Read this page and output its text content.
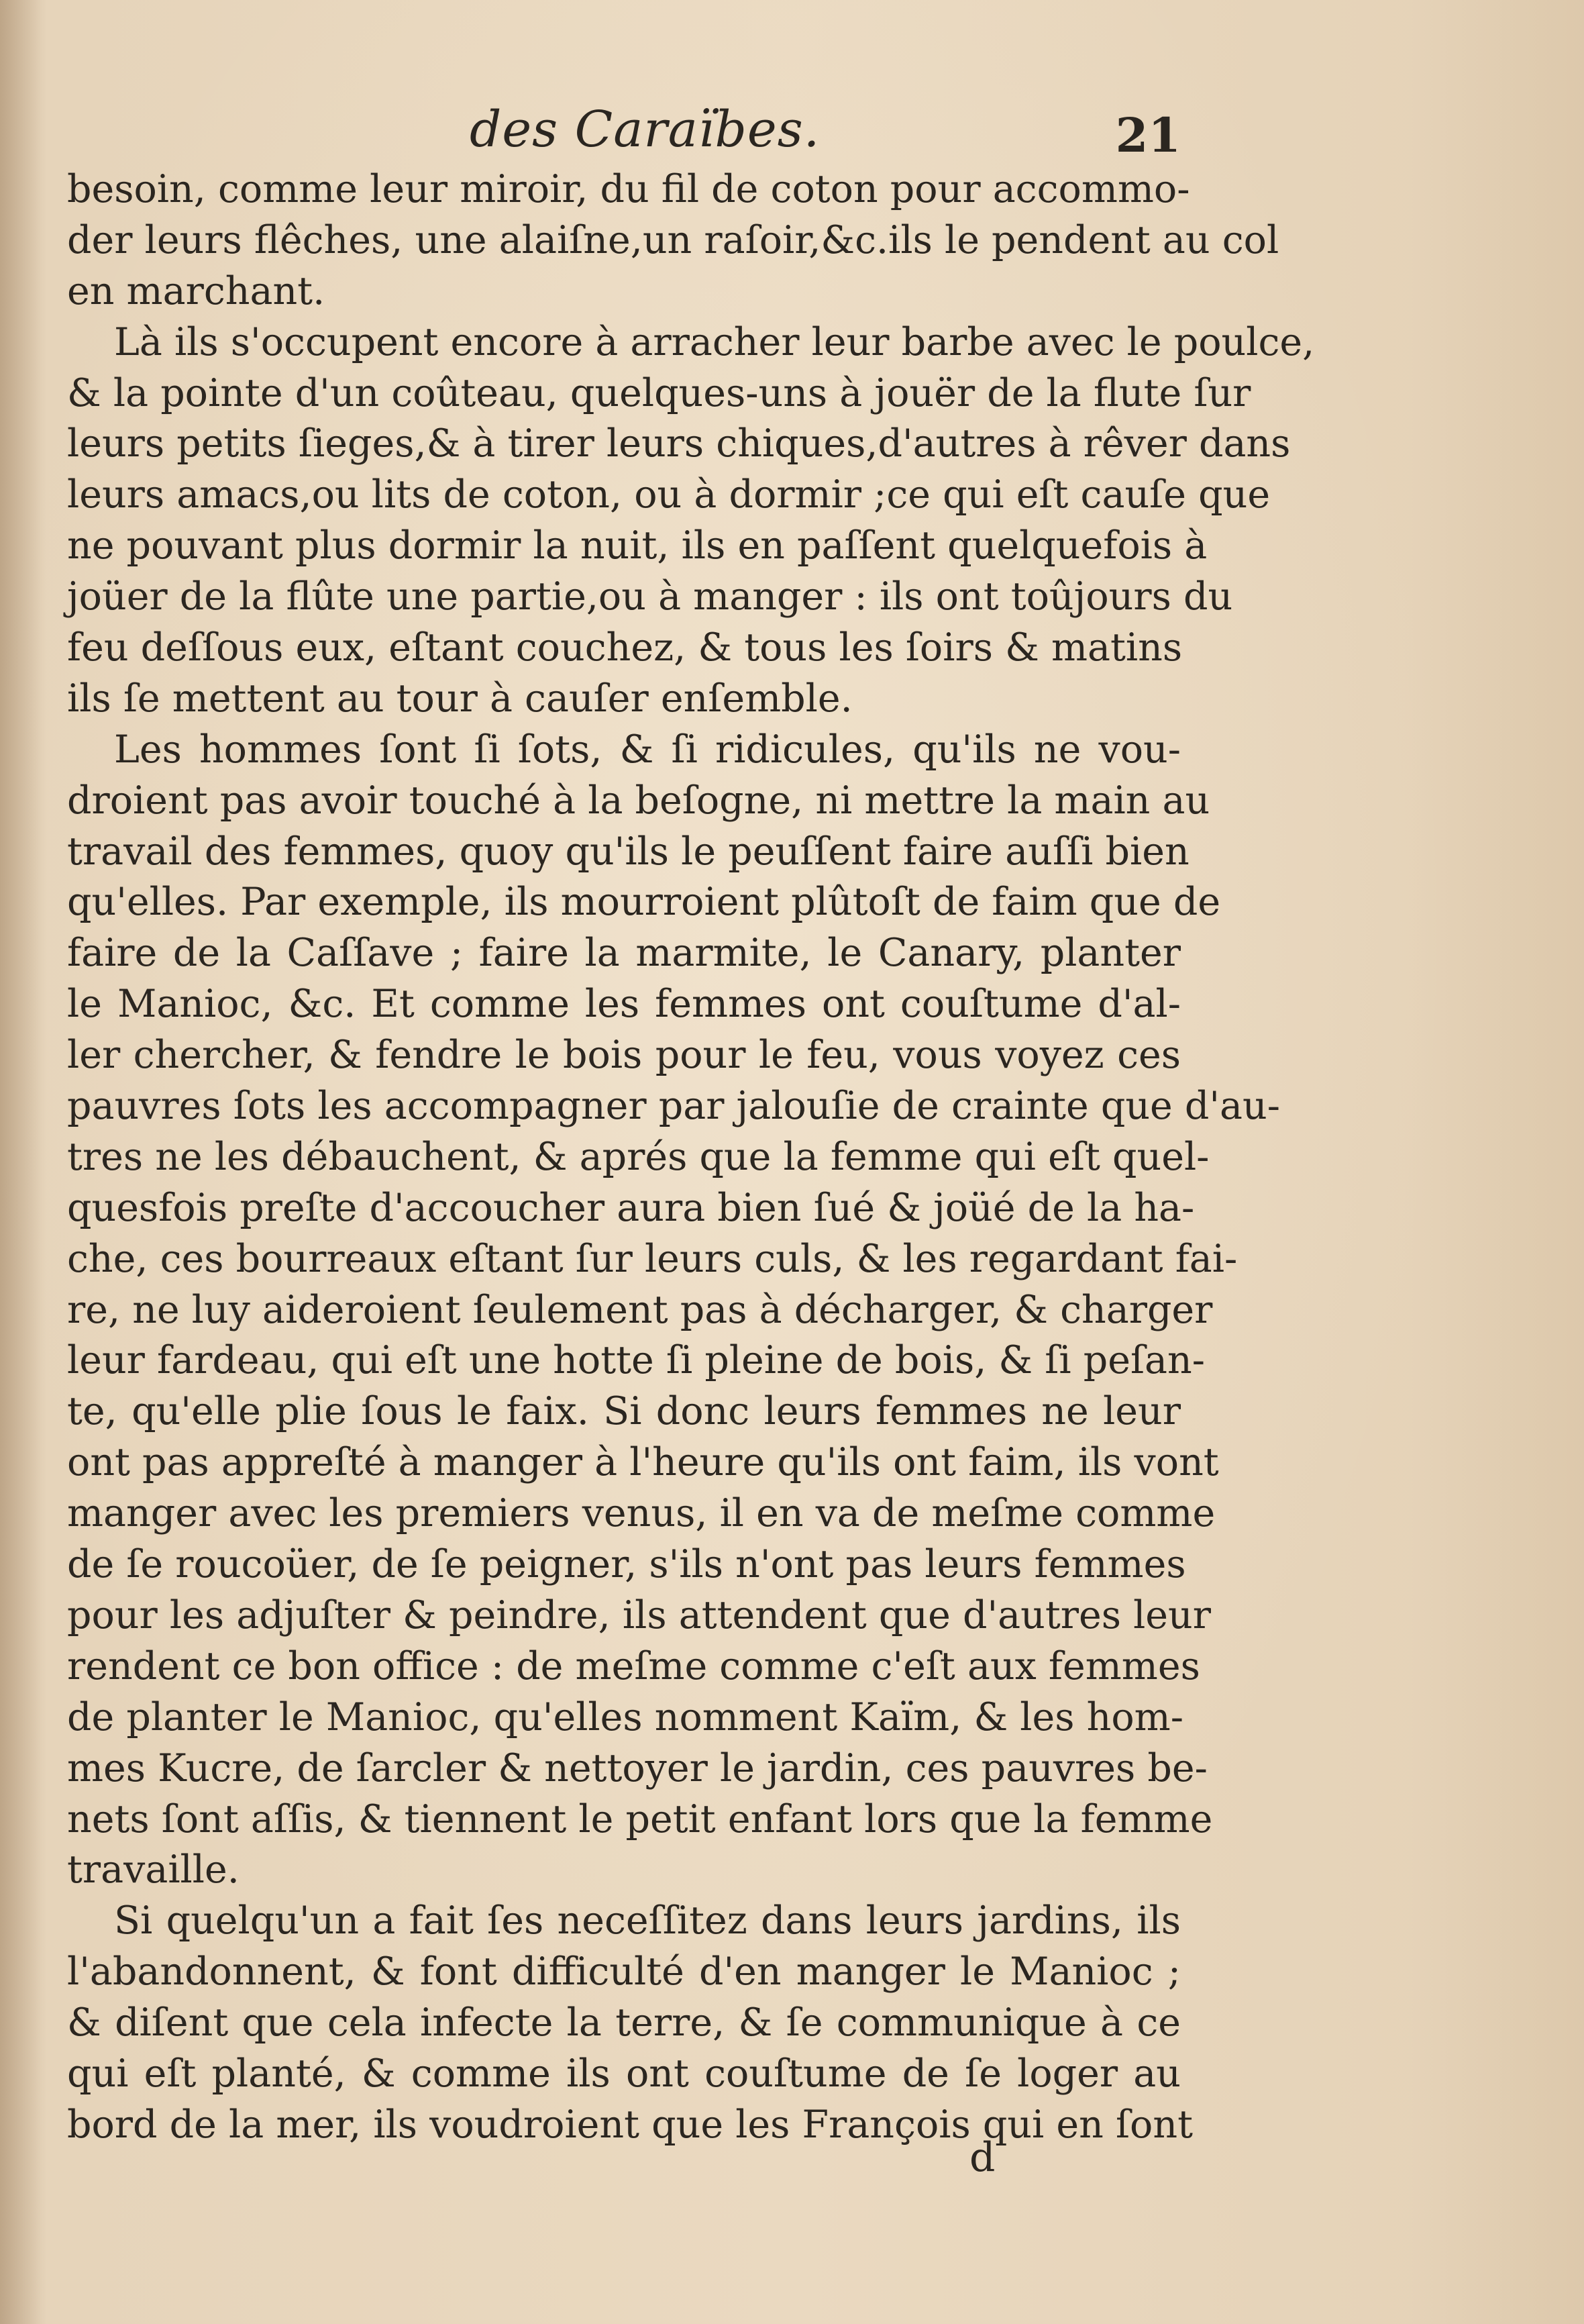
des Caraïbes.	21
besoin, comme leur miroir, du fil de coton pour accommo-
der leurs flêches, une alaiſne,un raſoir,&c.ils le pendent au col
en marchant.
Là ils s'occupent encore à arracher leur barbe avec le poulce,
& la pointe d'un coûteau, quelques-uns à jouër de la flute ſur
leurs petits ſieges,& à tirer leurs chiques,d'autres à rêver dans
leurs amacs,ou lits de coton, ou à dormir ;ce qui eſt cauſe que
ne pouvant plus dormir la nuit, ils en paſſent quelquefois à
joüer de la flûte une partie,ou à manger : ils ont toûjours du
feu deſſous eux, eſtant couchez, & tous les ſoirs & matins
ils ſe mettent au tour à cauſer enſemble.
Les hommes ſont ſi ſots, & ſi ridicules, qu'ils ne vou-
droient pas avoir touché à la beſogne, ni mettre la main au
travail des femmes, quoy qu'ils le peuſſent faire auſſi bien
qu'elles. Par exemple, ils mourroient plûtoſt de faim que de
faire de la Caſſave ; faire la marmite, le Canary, planter
le Manioc, &c. Et comme les femmes ont couſtume d'al-
ler chercher, & fendre le bois pour le feu, vous voyez ces
pauvres ſots les accompagner par jalouſie de crainte que d'au-
tres ne les débauchent, & aprés que la femme qui eſt quel-
quesfois preſte d'accoucher aura bien ſué & joüé de la ha-
che, ces bourreaux eſtant ſur leurs culs, & les regardant fai-
re, ne luy aideroient ſeulement pas à décharger, & charger
leur fardeau, qui eſt une hotte ſi pleine de bois, & ſi peſan-
te, qu'elle plie ſous le faix. Si donc leurs femmes ne leur
ont pas appreſté à manger à l'heure qu'ils ont faim, ils vont
manger avec les premiers venus, il en va de meſme comme
de ſe roucoüer, de ſe peigner, s'ils n'ont pas leurs femmes
pour les adjuſter & peindre, ils attendent que d'autres leur
rendent ce bon office : de meſme comme c'eſt aux femmes
de planter le Manioc, qu'elles nomment Kaïm, & les hom-
mes Kucre, de ſarcler & nettoyer le jardin, ces pauvres be-
nets ſont aſſis, & tiennent le petit enfant lors que la femme
travaille.
Si quelqu'un a fait ſes neceſſitez dans leurs jardins, ils
l'abandonnent, & font difficulté d'en manger le Manioc ;
& diſent que cela infecte la terre, & ſe communique à ce
qui eſt planté, & comme ils ont couſtume de ſe loger au
bord de la mer, ils voudroient que les François qui en ſont
d
